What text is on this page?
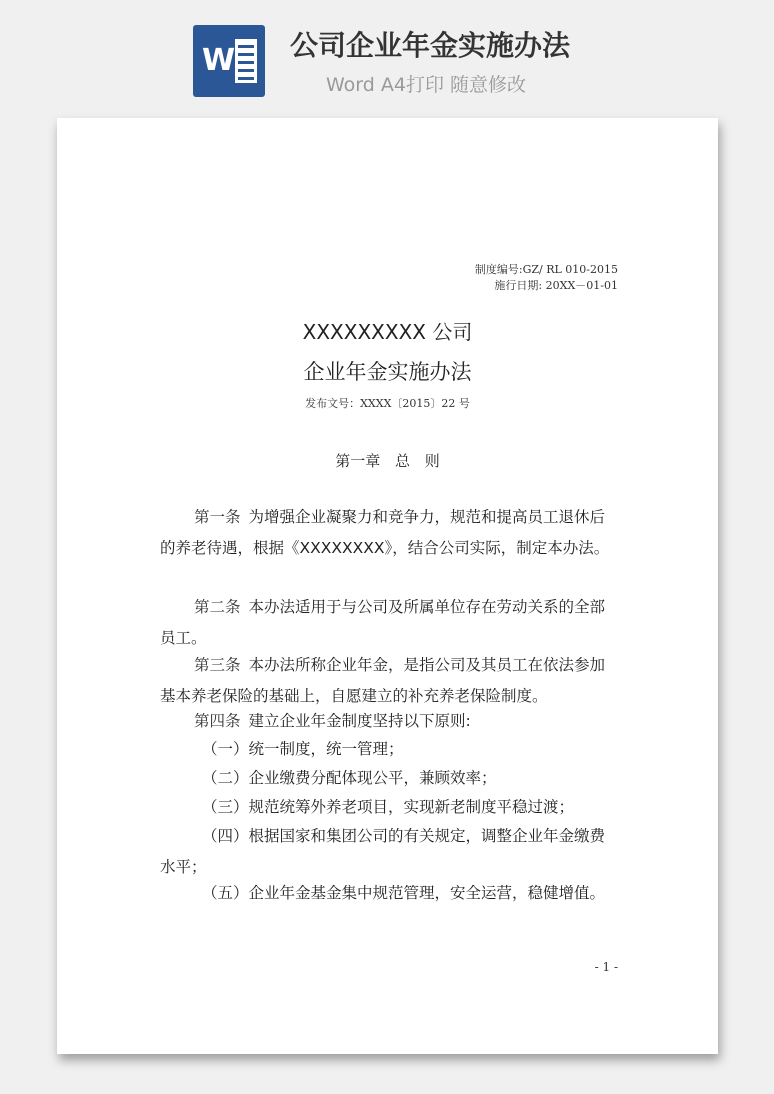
W 公司企业年金实施办法
Word A4打印 随意修改
制度编号:GZ/ RL 010-2015
施行日期: 20XX－01-01
XXXXXXXXX 公司
企业年金实施办法
发布文号：XXXX〔2015〕22 号
第一章 总 则
第一条 为增强企业凝聚力和竞争力，规范和提高员工退休后的养老待遇，根据《XXXXXXXX》，结合公司实际，制定本办法。
第二条 本办法适用于与公司及所属单位存在劳动关系的全部员工。
第三条 本办法所称企业年金，是指公司及其员工在依法参加基本养老保险的基础上，自愿建立的补充养老保险制度。
第四条 建立企业年金制度坚持以下原则:
（一）统一制度，统一管理；
（二）企业缴费分配体现公平，兼顾效率；
（三）规范统筹外养老项目，实现新老制度平稳过渡；
（四）根据国家和集团公司的有关规定，调整企业年金缴费水平；
（五）企业年金基金集中规范管理，安全运营，稳健增值。
- 1 -
